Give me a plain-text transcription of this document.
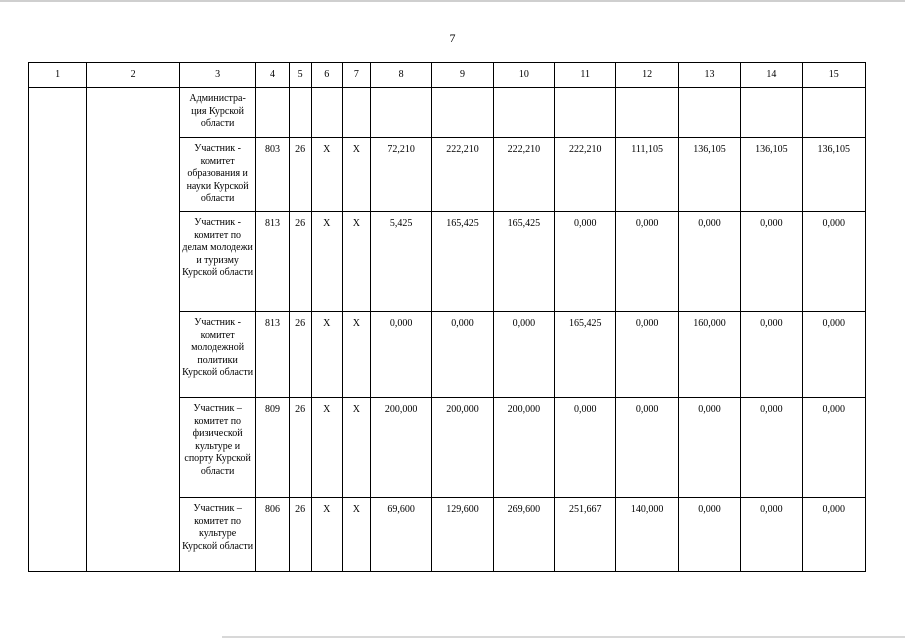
7
1	2	3	4	5	6	7	8	9	10	11	12	13	14	15
		Администра-ция Курской области												
		Участник - комитет образования и науки Курской области	803	26	X	X	72,210	222,210	222,210	222,210	111,105	136,105	136,105	136,105
		Участник - комитет по делам молодежи и туризму Курской области	813	26	X	X	5,425	165,425	165,425	0,000	0,000	0,000	0,000	0,000
		Участник - комитет молодежной политики Курской области	813	26	X	X	0,000	0,000	0,000	165,425	0,000	160,000	0,000	0,000
		Участник – комитет по физической культуре и спорту Курской области	809	26	X	X	200,000	200,000	200,000	0,000	0,000	0,000	0,000	0,000
		Участник – комитет по культуре Курской области	806	26	X	X	69,600	129,600	269,600	251,667	140,000	0,000	0,000	0,000
